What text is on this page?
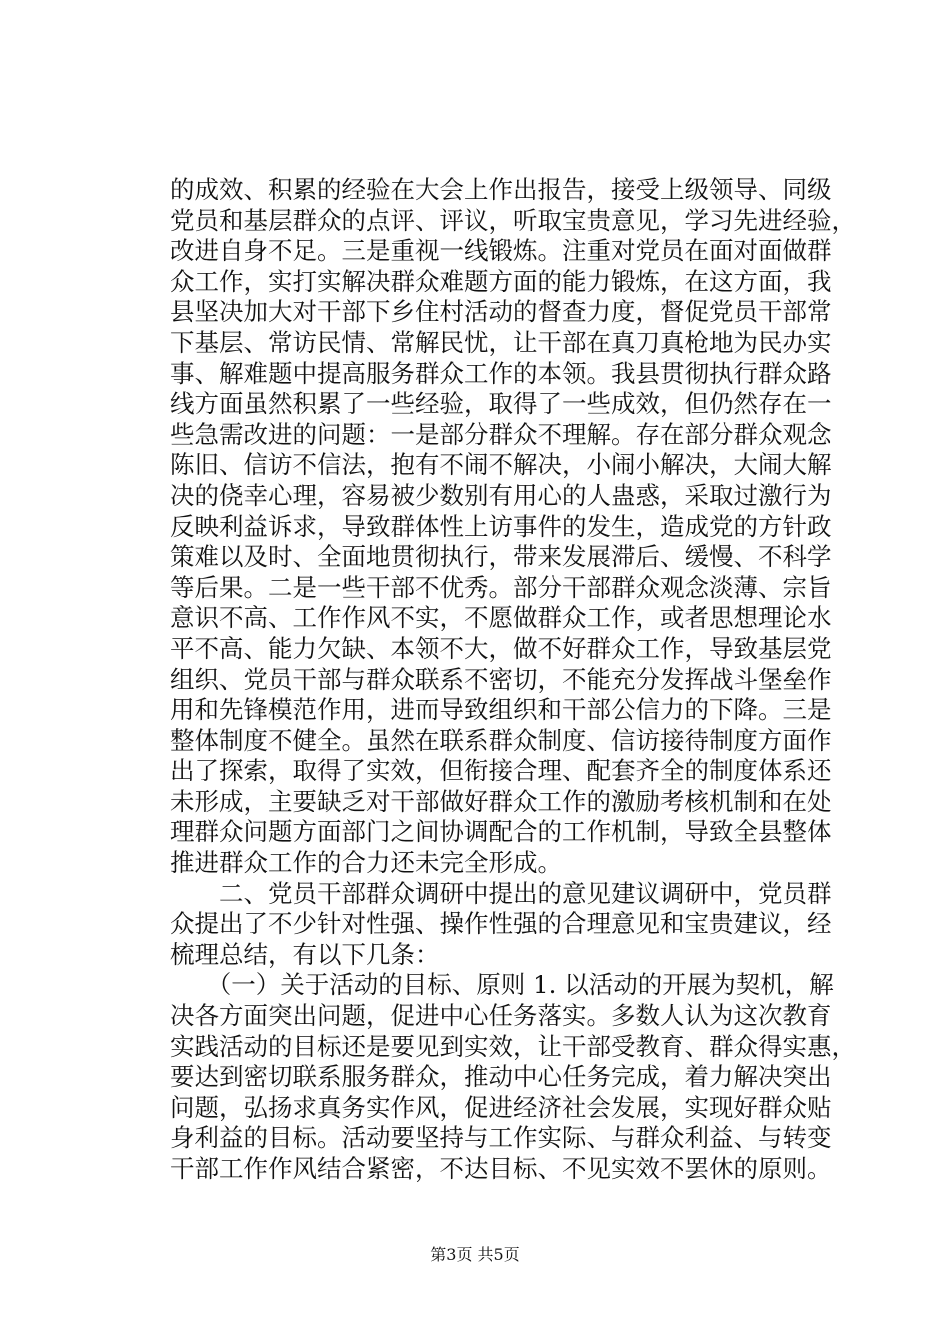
的成效、积累的经验在大会上作出报告，接受上级领导、同级
党员和基层群众的点评、评议，听取宝贵意见，学习先进经验，
改进自身不足。三是重视一线锻炼。注重对党员在面对面做群
众工作，实打实解决群众难题方面的能力锻炼，在这方面，我
县坚决加大对干部下乡住村活动的督查力度，督促党员干部常
下基层、常访民情、常解民忧，让干部在真刀真枪地为民办实
事、解难题中提高服务群众工作的本领。我县贯彻执行群众路
线方面虽然积累了一些经验，取得了一些成效，但仍然存在一
些急需改进的问题：一是部分群众不理解。存在部分群众观念
陈旧、信访不信法，抱有不闹不解决，小闹小解决，大闹大解
决的侥幸心理，容易被少数别有用心的人蛊惑，采取过激行为
反映利益诉求，导致群体性上访事件的发生，造成党的方针政
策难以及时、全面地贯彻执行，带来发展滞后、缓慢、不科学
等后果。二是一些干部不优秀。部分干部群众观念淡薄、宗旨
意识不高、工作作风不实，不愿做群众工作，或者思想理论水
平不高、能力欠缺、本领不大，做不好群众工作，导致基层党
组织、党员干部与群众联系不密切，不能充分发挥战斗堡垒作
用和先锋模范作用，进而导致组织和干部公信力的下降。三是
整体制度不健全。虽然在联系群众制度、信访接待制度方面作
出了探索，取得了实效，但衔接合理、配套齐全的制度体系还
未形成，主要缺乏对干部做好群众工作的激励考核机制和在处
理群众问题方面部门之间协调配合的工作机制，导致全县整体
推进群众工作的合力还未完全形成。
　　二、党员干部群众调研中提出的意见建议调研中，党员群
众提出了不少针对性强、操作性强的合理意见和宝贵建议，经
梳理总结，有以下几条：
　　（一）关于活动的目标、原则 1. 以活动的开展为契机，解
决各方面突出问题，促进中心任务落实。多数人认为这次教育
实践活动的目标还是要见到实效，让干部受教育、群众得实惠，
要达到密切联系服务群众，推动中心任务完成，着力解决突出
问题，弘扬求真务实作风，促进经济社会发展，实现好群众贴
身利益的目标。活动要坚持与工作实际、与群众利益、与转变
干部工作作风结合紧密，不达目标、不见实效不罢休的原则。
第3页 共5页
